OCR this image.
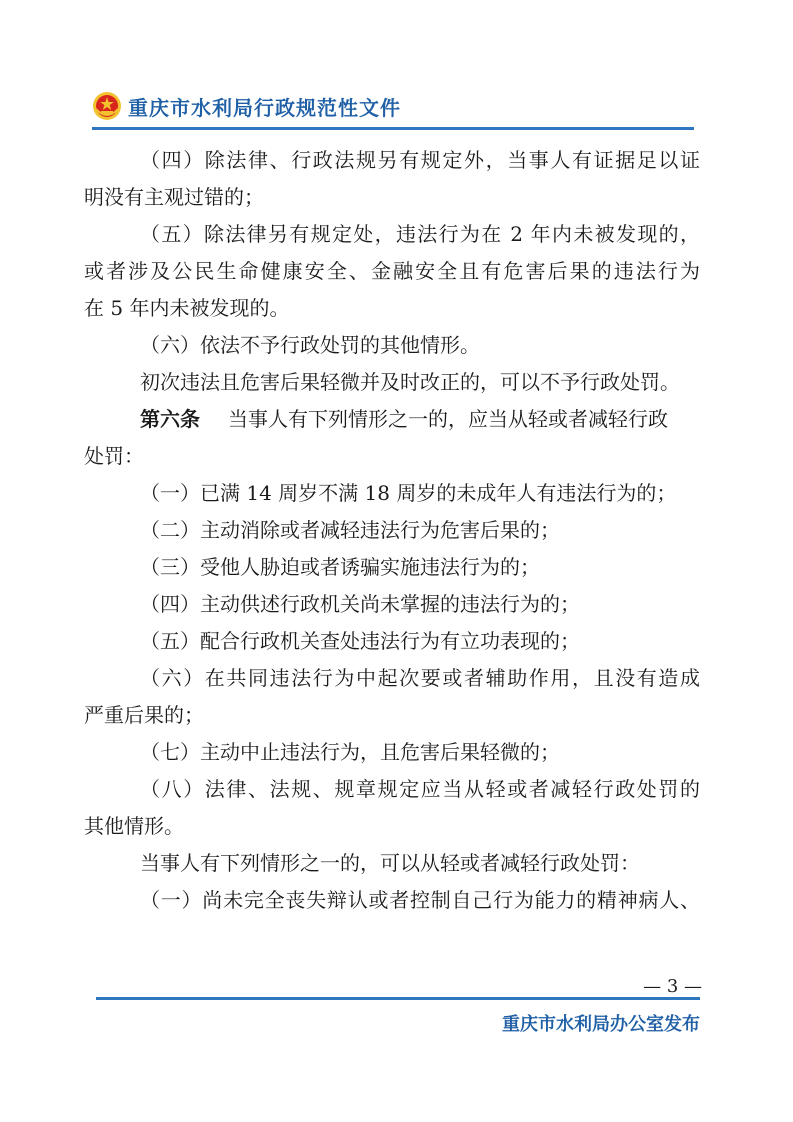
重庆市水利局行政规范性文件
（四）除法律、行政法规另有规定外，当事人有证据足以证
明没有主观过错的；
（五）除法律另有规定处，违法行为在 2 年内未被发现的，
或者涉及公民生命健康安全、金融安全且有危害后果的违法行为
在 5 年内未被发现的。
（六）依法不予行政处罚的其他情形。
初次违法且危害后果轻微并及时改正的，可以不予行政处罚。
第六条 当事人有下列情形之一的，应当从轻或者减轻行政
处罚：
（一）已满 14 周岁不满 18 周岁的未成年人有违法行为的；
（二）主动消除或者减轻违法行为危害后果的；
（三）受他人胁迫或者诱骗实施违法行为的；
（四）主动供述行政机关尚未掌握的违法行为的；
（五）配合行政机关查处违法行为有立功表现的；
（六）在共同违法行为中起次要或者辅助作用，且没有造成
严重后果的；
（七）主动中止违法行为，且危害后果轻微的；
（八）法律、法规、规章规定应当从轻或者减轻行政处罚的
其他情形。
当事人有下列情形之一的，可以从轻或者减轻行政处罚：
（一）尚未完全丧失辩认或者控制自己行为能力的精神病人、
— 3 —
重庆市水利局办公室发布
